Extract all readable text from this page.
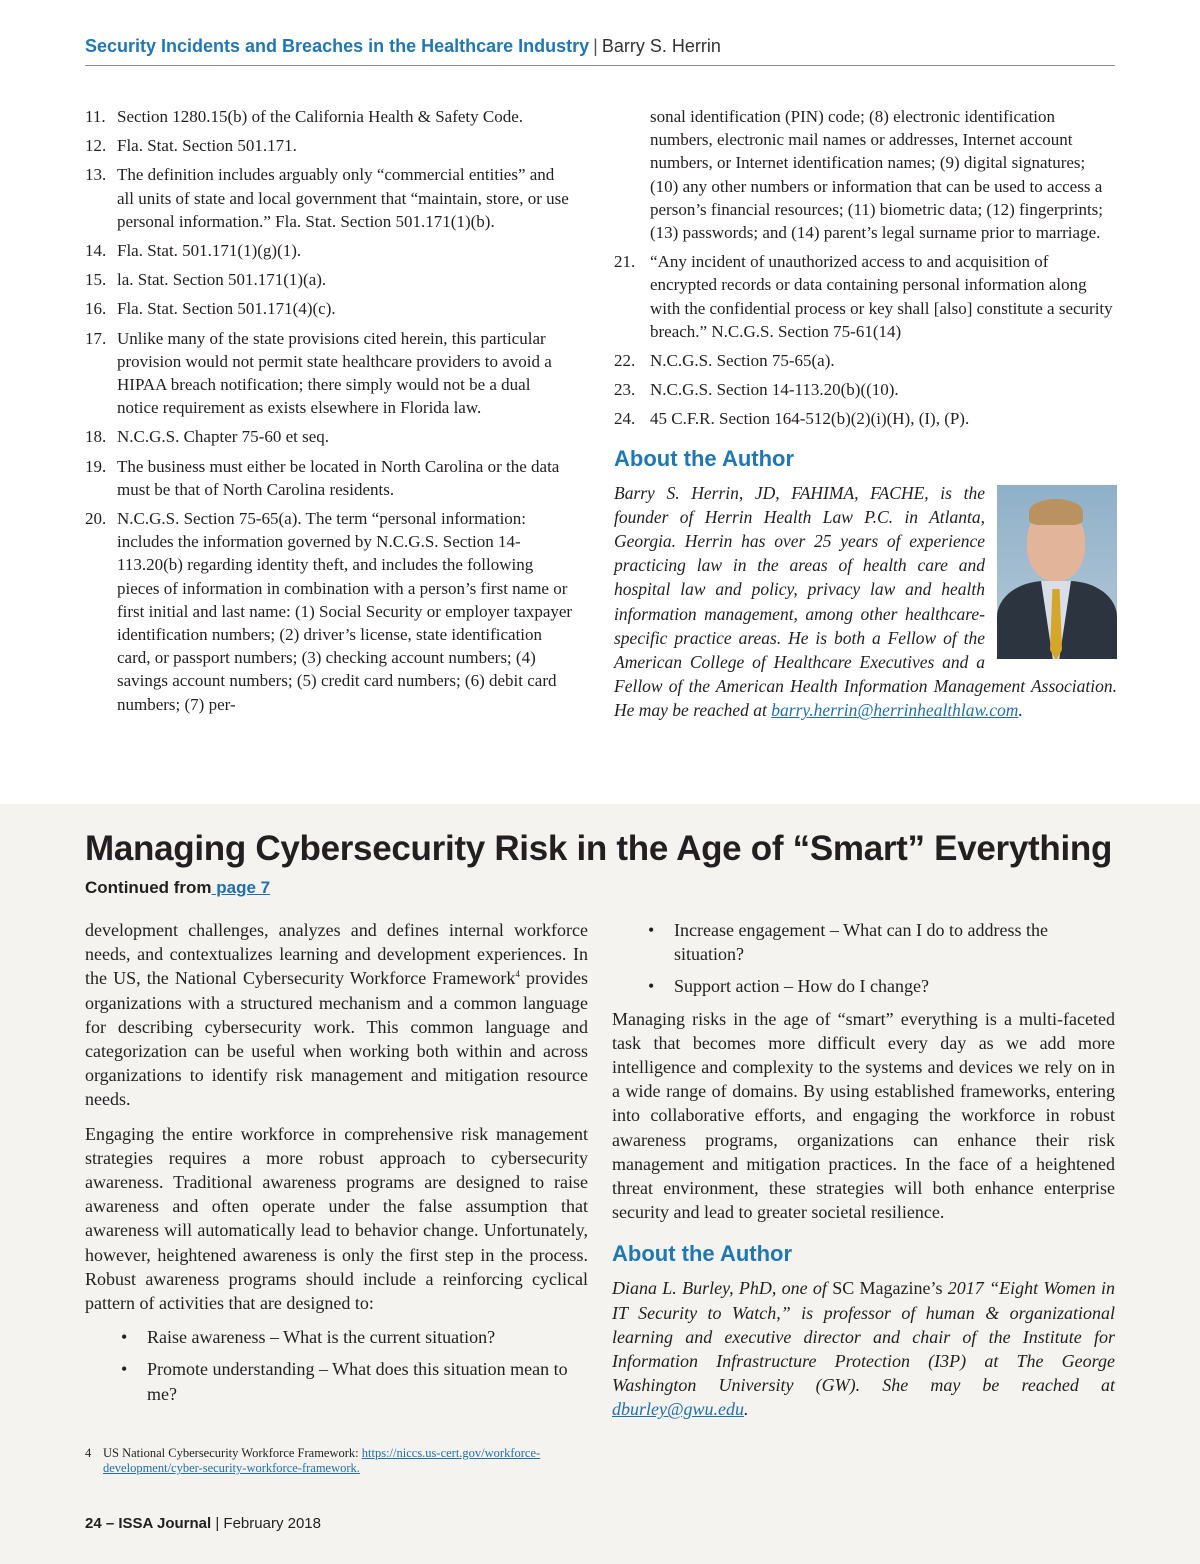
Security Incidents and Breaches in the Healthcare Industry | Barry S. Herrin
11. Section 1280.15(b) of the California Health & Safety Code.
12. Fla. Stat. Section 501.171.
13. The definition includes arguably only “commercial entities” and all units of state and local government that “maintain, store, or use personal information.” Fla. Stat. Section 501.171(1)(b).
14. Fla. Stat. 501.171(1)(g)(1).
15. la. Stat. Section 501.171(1)(a).
16. Fla. Stat. Section 501.171(4)(c).
17. Unlike many of the state provisions cited herein, this particular provision would not permit state healthcare providers to avoid a HIPAA breach notification; there simply would not be a dual notice requirement as exists elsewhere in Florida law.
18. N.C.G.S. Chapter 75-60 et seq.
19. The business must either be located in North Carolina or the data must be that of North Carolina residents.
20. N.C.G.S. Section 75-65(a). The term “personal information: includes the information governed by N.C.G.S. Section 14-113.20(b) regarding identity theft, and includes the following pieces of information in combination with a person’s first name or first initial and last name: (1) Social Security or employer taxpayer identification numbers; (2) driver’s license, state identification card, or passport numbers; (3) checking account numbers; (4) savings account numbers; (5) credit card numbers; (6) debit card numbers; (7) per-
sonal identification (PIN) code; (8) electronic identification numbers, electronic mail names or addresses, Internet account numbers, or Internet identification names; (9) digital signatures; (10) any other numbers or information that can be used to access a person’s financial resources; (11) biometric data; (12) fingerprints; (13) passwords; and (14) parent’s legal surname prior to marriage.
21. “Any incident of unauthorized access to and acquisition of encrypted records or data containing personal information along with the confidential process or key shall [also] constitute a security breach.” N.C.G.S. Section 75-61(14)
22. N.C.G.S. Section 75-65(a).
23. N.C.G.S. Section 14-113.20(b)((10).
24. 45 C.F.R. Section 164-512(b)(2)(i)(H), (I), (P).
About the Author
Barry S. Herrin, JD, FAHIMA, FACHE, is the founder of Herrin Health Law P.C. in Atlanta, Georgia. Herrin has over 25 years of experience practicing law in the areas of health care and hospital law and policy, privacy law and health information management, among other healthcare-specific practice areas. He is both a Fellow of the American College of Healthcare Executives and a Fellow of the American Health Information Management Association. He may be reached at barry.herrin@herrinhealthlaw.com.
Managing Cybersecurity Risk in the Age of “Smart” Everything
Continued from page 7

development challenges, analyzes and defines internal workforce needs, and contextualizes learning and development experiences. In the US, the National Cybersecurity Workforce Framework$^4$ provides organizations with a structured mechanism and a common language for describing cybersecurity work. This common language and categorization can be useful when working both within and across organizations to identify risk management and mitigation resource needs.

Engaging the entire workforce in comprehensive risk management strategies requires a more robust approach to cybersecurity awareness. Traditional awareness programs are designed to raise awareness and often operate under the false assumption that awareness will automatically lead to behavior change. Unfortunately, however, heightened awareness is only the first step in the process. Robust awareness programs should include a reinforcing cyclical pattern of activities that are designed to:

•	Raise awareness – What is the current situation?
•	Promote understanding – What does this situation mean to me?
•	Increase engagement – What can I do to address the situation?
•	Support action – How do I change?

Managing risks in the age of “smart” everything is a multi-faceted task that becomes more difficult every day as we add more intelligence and complexity to the systems and devices we rely on in a wide range of domains. By using established frameworks, entering into collaborative efforts, and engaging the workforce in robust awareness programs, organizations can enhance their risk management and mitigation practices. In the face of a heightened threat environment, these strategies will both enhance enterprise security and lead to greater societal resilience.

About the Author
Diana L. Burley, PhD, one of SC Magazine’s 2017 “Eight Women in IT Security to Watch,” is professor of human & organizational learning and executive director and chair of the Institute for Information Infrastructure Protection (I3P) at The George Washington University (GW). She may be reached at dburley@gwu.edu.
4 US National Cybersecurity Workforce Framework: https://niccs.us-cert.gov/workforce-development/cyber-security-workforce-framework.
24 – ISSA Journal | February 2018
